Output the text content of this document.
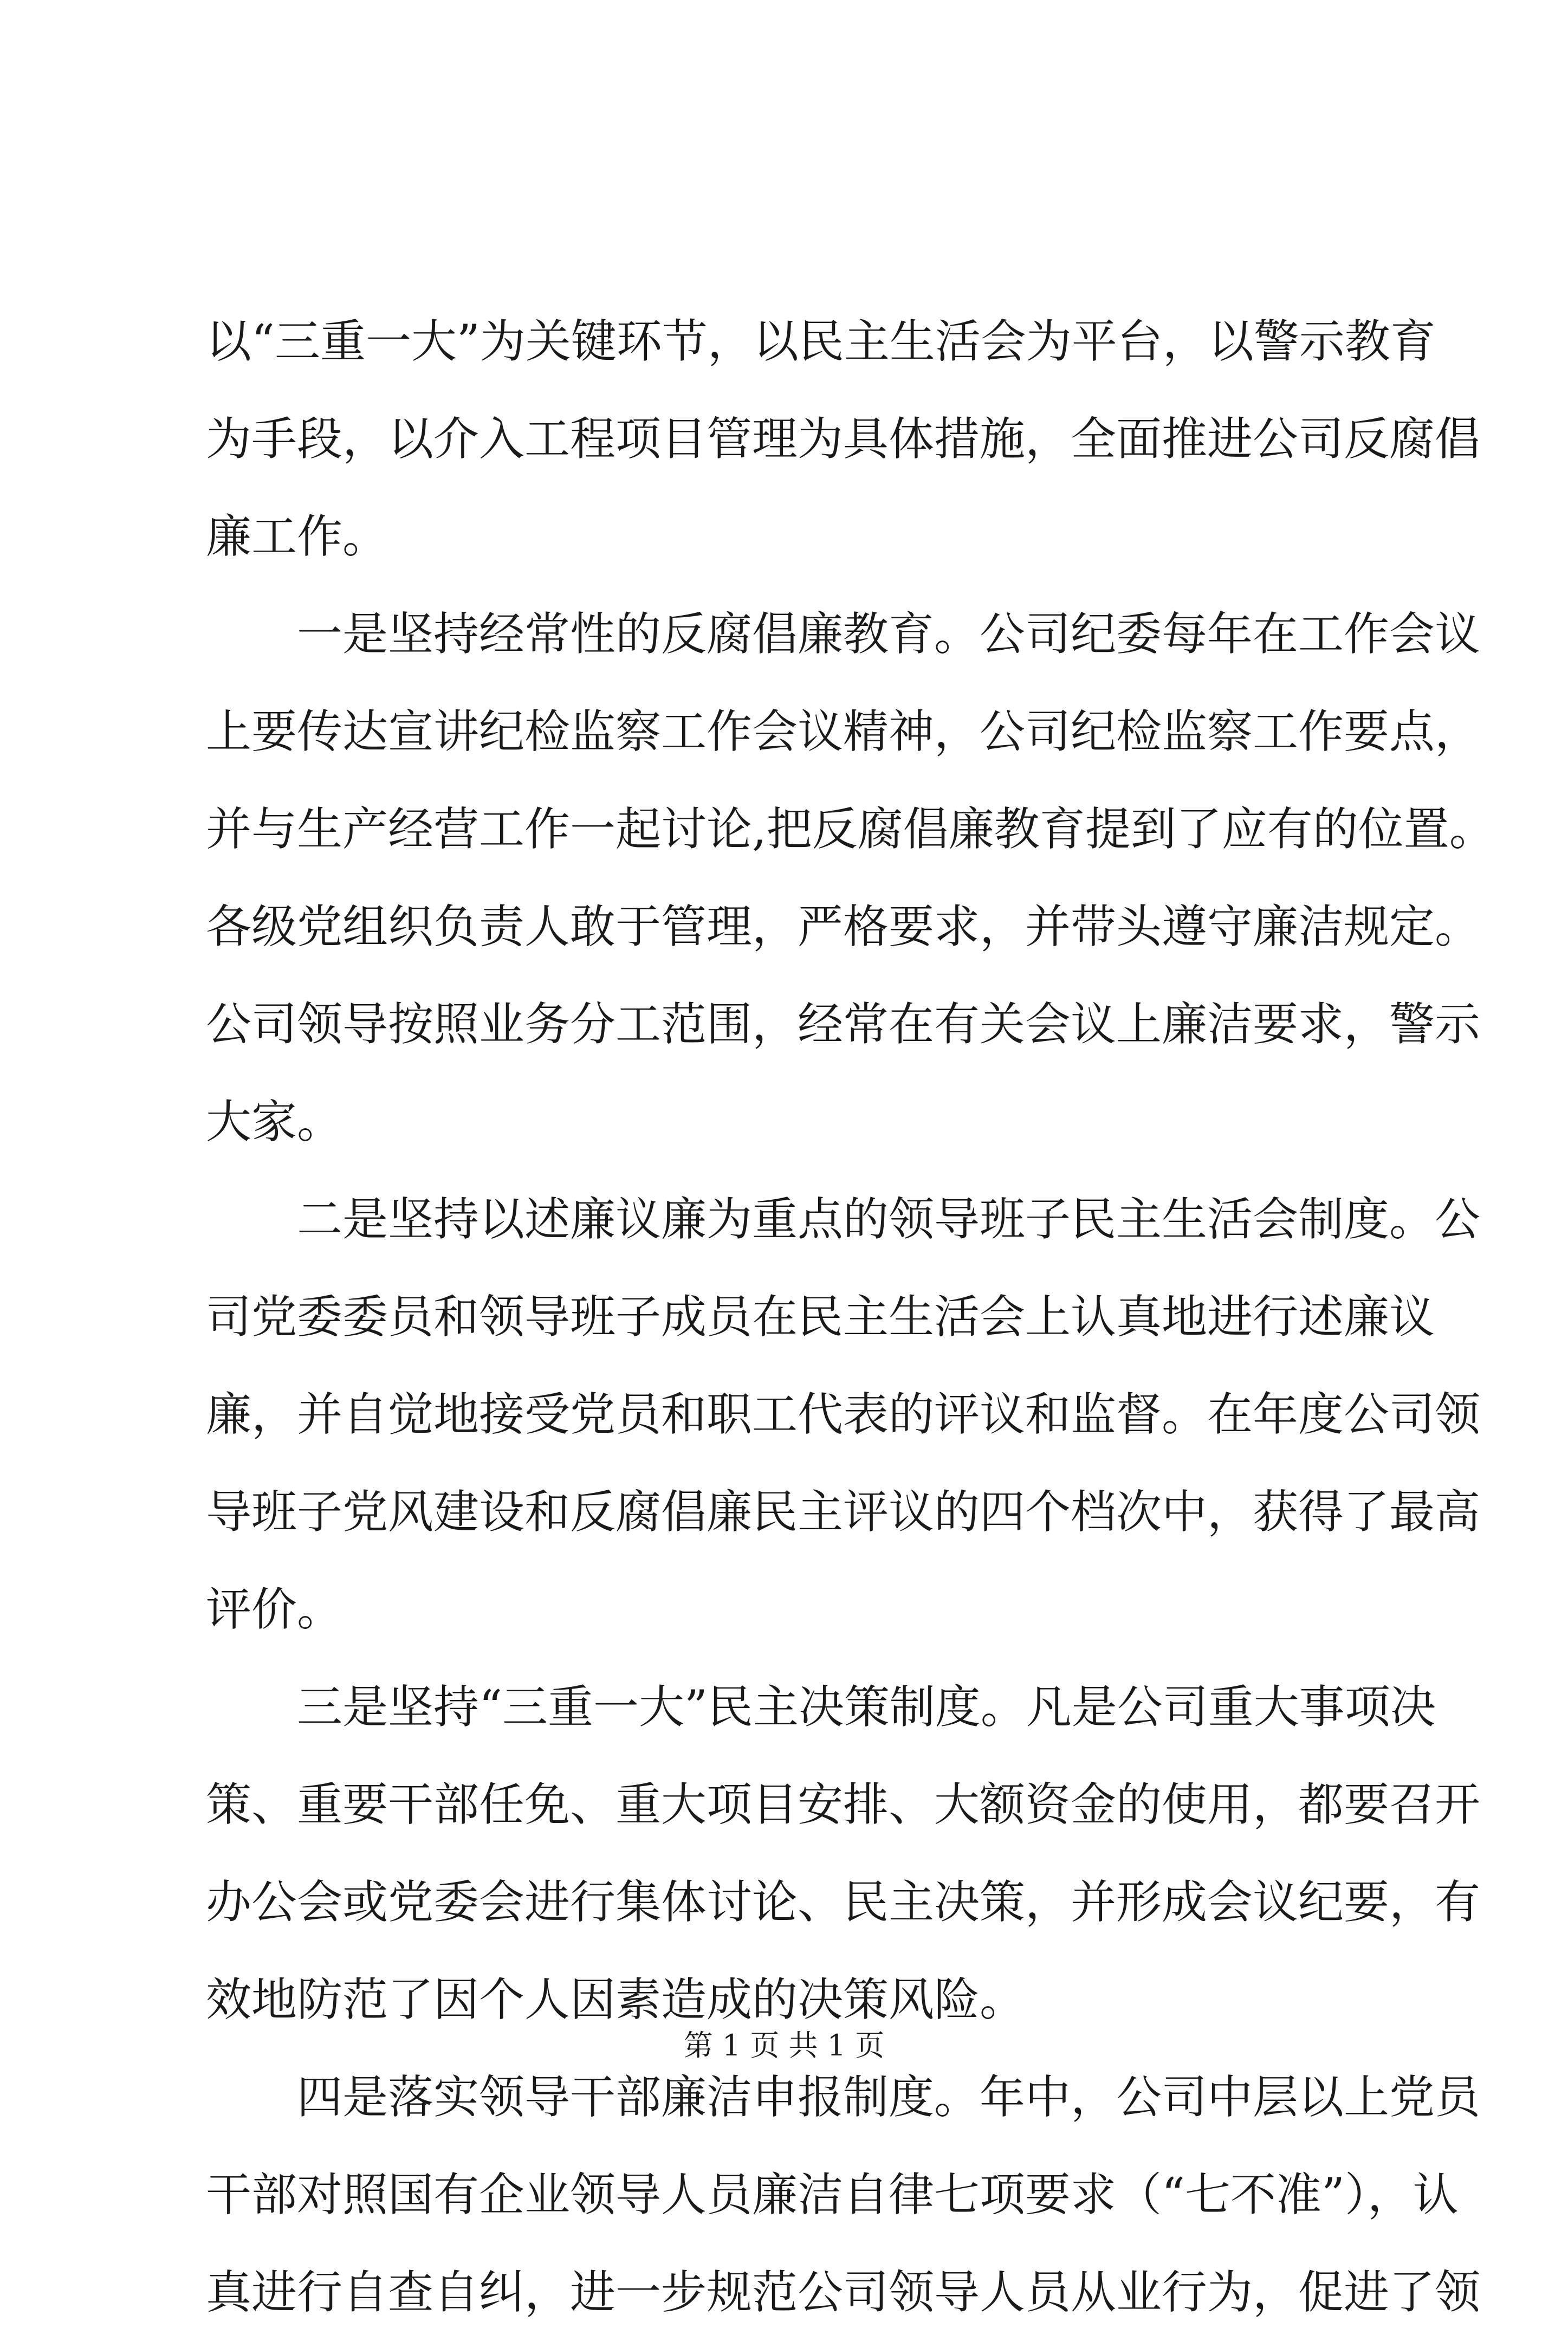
以“三重一大”为关键环节，以民主生活会为平台，以警示教育
为手段，以介入工程项目管理为具体措施，全面推进公司反腐倡
廉工作。
一是坚持经常性的反腐倡廉教育。公司纪委每年在工作会议
上要传达宣讲纪检监察工作会议精神，公司纪检监察工作要点，
并与生产经营工作一起讨论,把反腐倡廉教育提到了应有的位置。
各级党组织负责人敢于管理，严格要求，并带头遵守廉洁规定。
公司领导按照业务分工范围，经常在有关会议上廉洁要求，警示
大家。
二是坚持以述廉议廉为重点的领导班子民主生活会制度。公
司党委委员和领导班子成员在民主生活会上认真地进行述廉议
廉，并自觉地接受党员和职工代表的评议和监督。在年度公司领
导班子党风建设和反腐倡廉民主评议的四个档次中，获得了最高
评价。
三是坚持“三重一大”民主决策制度。凡是公司重大事项决
策、重要干部任免、重大项目安排、大额资金的使用，都要召开
办公会或党委会进行集体讨论、民主决策，并形成会议纪要，有
效地防范了因个人因素造成的决策风险。
四是落实领导干部廉洁申报制度。年中，公司中层以上党员
干部对照国有企业领导人员廉洁自律七项要求（“七不准”），认
真进行自查自纠，进一步规范公司领导人员从业行为，促进了领
第 1 页 共 1 页
